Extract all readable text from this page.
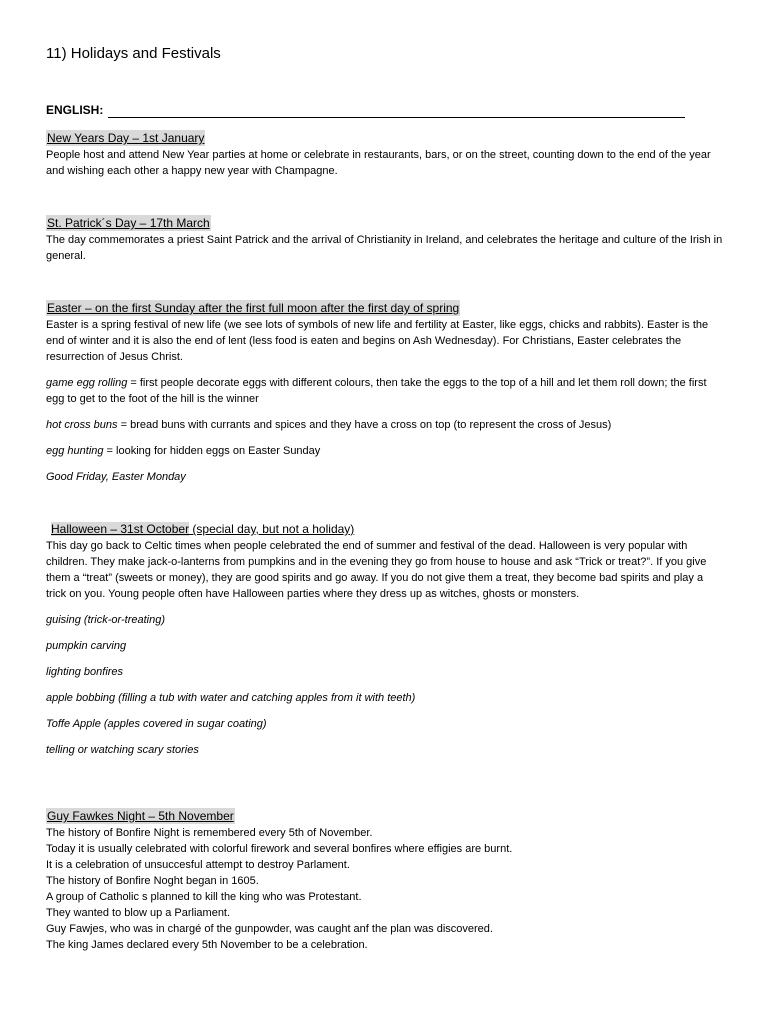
11) Holidays and Festivals
ENGLISH:
New Years Day – 1st January

People host and attend New Year parties at home or celebrate in restaurants, bars, or on the street, counting down to the end of the year and wishing each other a happy new year with Champagne.

St. Patrick´s Day – 17th March

The day commemorates a priest Saint Patrick and the arrival of Christianity in Ireland, and celebrates the heritage and culture of the Irish in general.

Easter – on the first Sunday after the first full moon after the first day of spring

Easter is a spring festival of new life (we see lots of symbols of new life and fertility at Easter, like eggs, chicks and rabbits). Easter is the end of winter and it is also the end of lent (less food is eaten and begins on Ash Wednesday). For Christians, Easter celebrates the resurrection of Jesus Christ.

game egg rolling = first people decorate eggs with different colours, then take the eggs to the top of a hill and let them roll down; the first egg to get to the foot of the hill is the winner

hot cross buns = bread buns with currants and spices and they have a cross on top (to represent the cross of Jesus)

egg hunting = looking for hidden eggs on Easter Sunday

Good Friday, Easter Monday

Halloween – 31st October (special day, but not a holiday)

This day go back to Celtic times when people celebrated the end of summer and festival of the dead. Halloween is very popular with children. They make jack-o-lanterns from pumpkins and in the evening they go from house to house and ask “Trick or treat?”. If you give them a “treat” (sweets or money), they are good spirits and go away. If you do not give them a treat, they become bad spirits and play a trick on you. Young people often have Halloween parties where they dress up as witches, ghosts or monsters.

guising (trick-or-treating)

pumpkin carving

lighting bonfires

apple bobbing (filling a tub with water and catching apples from it with teeth)

Toffe Apple (apples covered in sugar coating)

telling or watching scary stories

Guy Fawkes Night – 5th November

The history of Bonfire Night is remembered every 5th of November.

Today it is usually celebrated with colorful firework and several bonfires where effigies are burnt.

It is a celebration of unsuccesful attempt to destroy Parlament.

The history of Bonfire Noght began in 1605.

A group of Catholic s planned to kill the king who was Protestant.

They wanted to blow up a Parliament.

Guy Fawjes, who was in chargé of the gunpowder, was caught anf the plan was discovered.

The king James declared every 5th November to be a celebration.
